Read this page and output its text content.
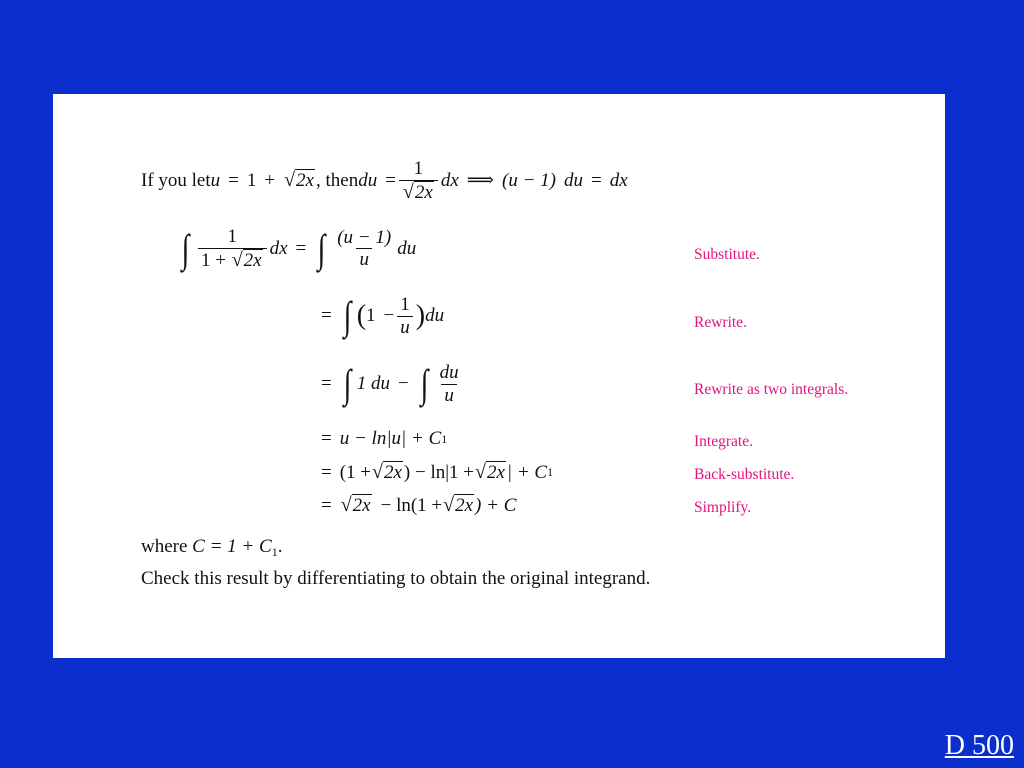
If you let u = 1 + √ 2x , then du = $\frac{1}{√ 2x}$ dx ⟹ (u − 1) du = dx
∫ $\frac{1}{1 + √ 2x}$ dx = ∫ $\frac{(u - 1)}{u}$ du	Substitute.
= ∫ ( $1 - \frac{1}{u}$ ) du	Rewrite.
= ∫ 1 du − ∫ $\frac{du}{u}$	Rewrite as two integrals.
= u − ln|u| + C 1	Integrate.
= (1 + √ 2x ) − ln|1 + √ 2x | + C 1	Back-substitute.
= √ 2x − ln(1 + √ 2x ) + C	Simplify.
where $C = 1 + C_1$.
Check this result by differentiating to obtain the original integrand.
D 500
